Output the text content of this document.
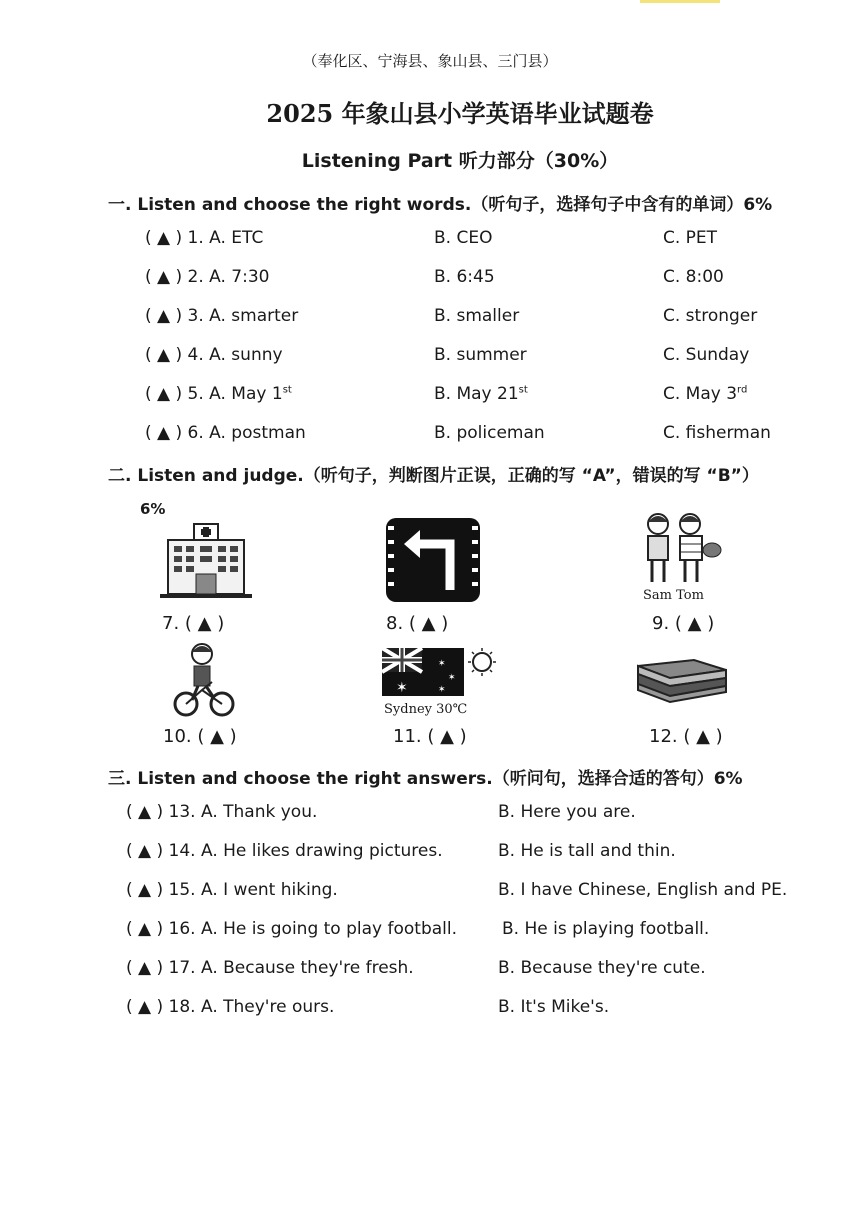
（奉化区、宁海县、象山县、三门县）
2025 年象山县小学英语毕业试题卷
Listening Part 听力部分（30%）
一. Listen and choose the right words.（听句子，选择句子中含有的单词）6%
( ▲ ) 1. A. ETC	B. CEO	C. PET
( ▲ ) 2. A. 7:30	B. 6:45	C. 8:00
( ▲ ) 3. A. smarter	B. smaller	C. stronger
( ▲ ) 4. A. sunny	B. summer	C. Sunday
( ▲ ) 5. A. May 1st	B. May 21st	C. May 3rd
( ▲ ) 6. A. postman	B. policeman	C. fisherman
二. Listen and judge.（听句子，判断图片正误，正确的写 “A”，错误的写 “B”）
6%
7. ( ▲ )	8. ( ▲ )
Sam Tom
9. ( ▲ )
10. ( ▲ )
✶
✶
✶
✶
Sydney 30℃
11. ( ▲ )	12. ( ▲ )
三. Listen and choose the right answers.（听问句，选择合适的答句）6%
( ▲ ) 13. A. Thank you.	B. Here you are.
( ▲ ) 14. A. He likes drawing pictures.	B. He is tall and thin.
( ▲ ) 15. A. I went hiking.	B. I have Chinese, English and PE.
( ▲ ) 16. A. He is going to play football.	B. He is playing football.
( ▲ ) 17. A. Because they're fresh.	B. Because they're cute.
( ▲ ) 18. A. They're ours.	B. It's Mike's.
